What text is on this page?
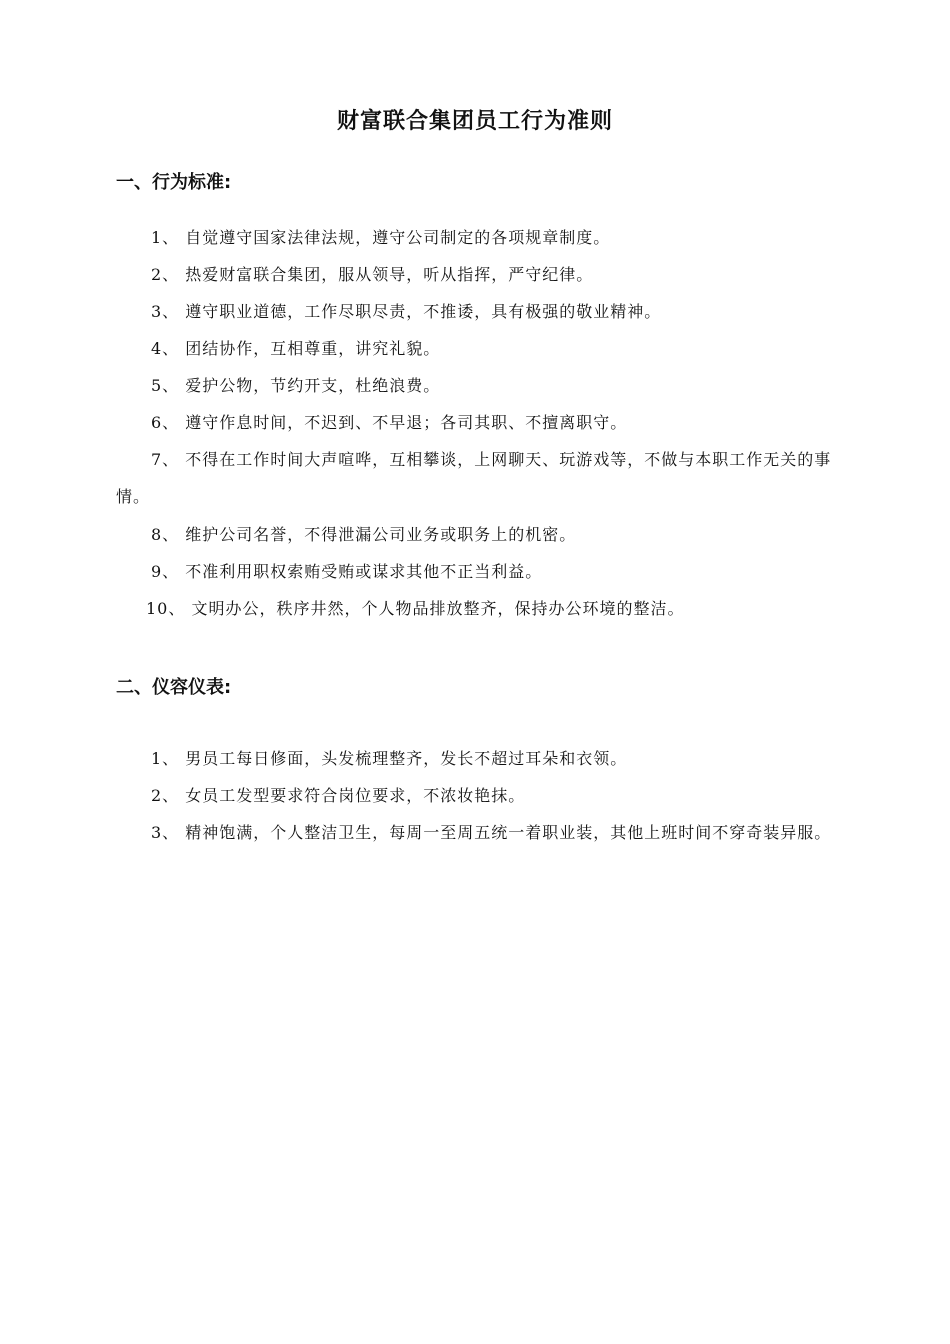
财富联合集团员工行为准则
一、行为标准:
1、 自觉遵守国家法律法规，遵守公司制定的各项规章制度。
2、 热爱财富联合集团，服从领导，听从指挥，严守纪律。
3、 遵守职业道德，工作尽职尽责，不推诿，具有极强的敬业精神。
4、 团结协作，互相尊重，讲究礼貌。
5、 爱护公物，节约开支，杜绝浪费。
6、 遵守作息时间，不迟到、不早退；各司其职、不擅离职守。
7、 不得在工作时间大声喧哗，互相攀谈，上网聊天、玩游戏等，不做与本职工作无关的事情。
8、 维护公司名誉，不得泄漏公司业务或职务上的机密。
9、 不准利用职权索贿受贿或谋求其他不正当利益。
10、 文明办公，秩序井然，个人物品排放整齐，保持办公环境的整洁。
二、仪容仪表:
1、 男员工每日修面，头发梳理整齐，发长不超过耳朵和衣领。
2、 女员工发型要求符合岗位要求，不浓妆艳抹。
3、 精神饱满，个人整洁卫生，每周一至周五统一着职业装，其他上班时间不穿奇装异服。
